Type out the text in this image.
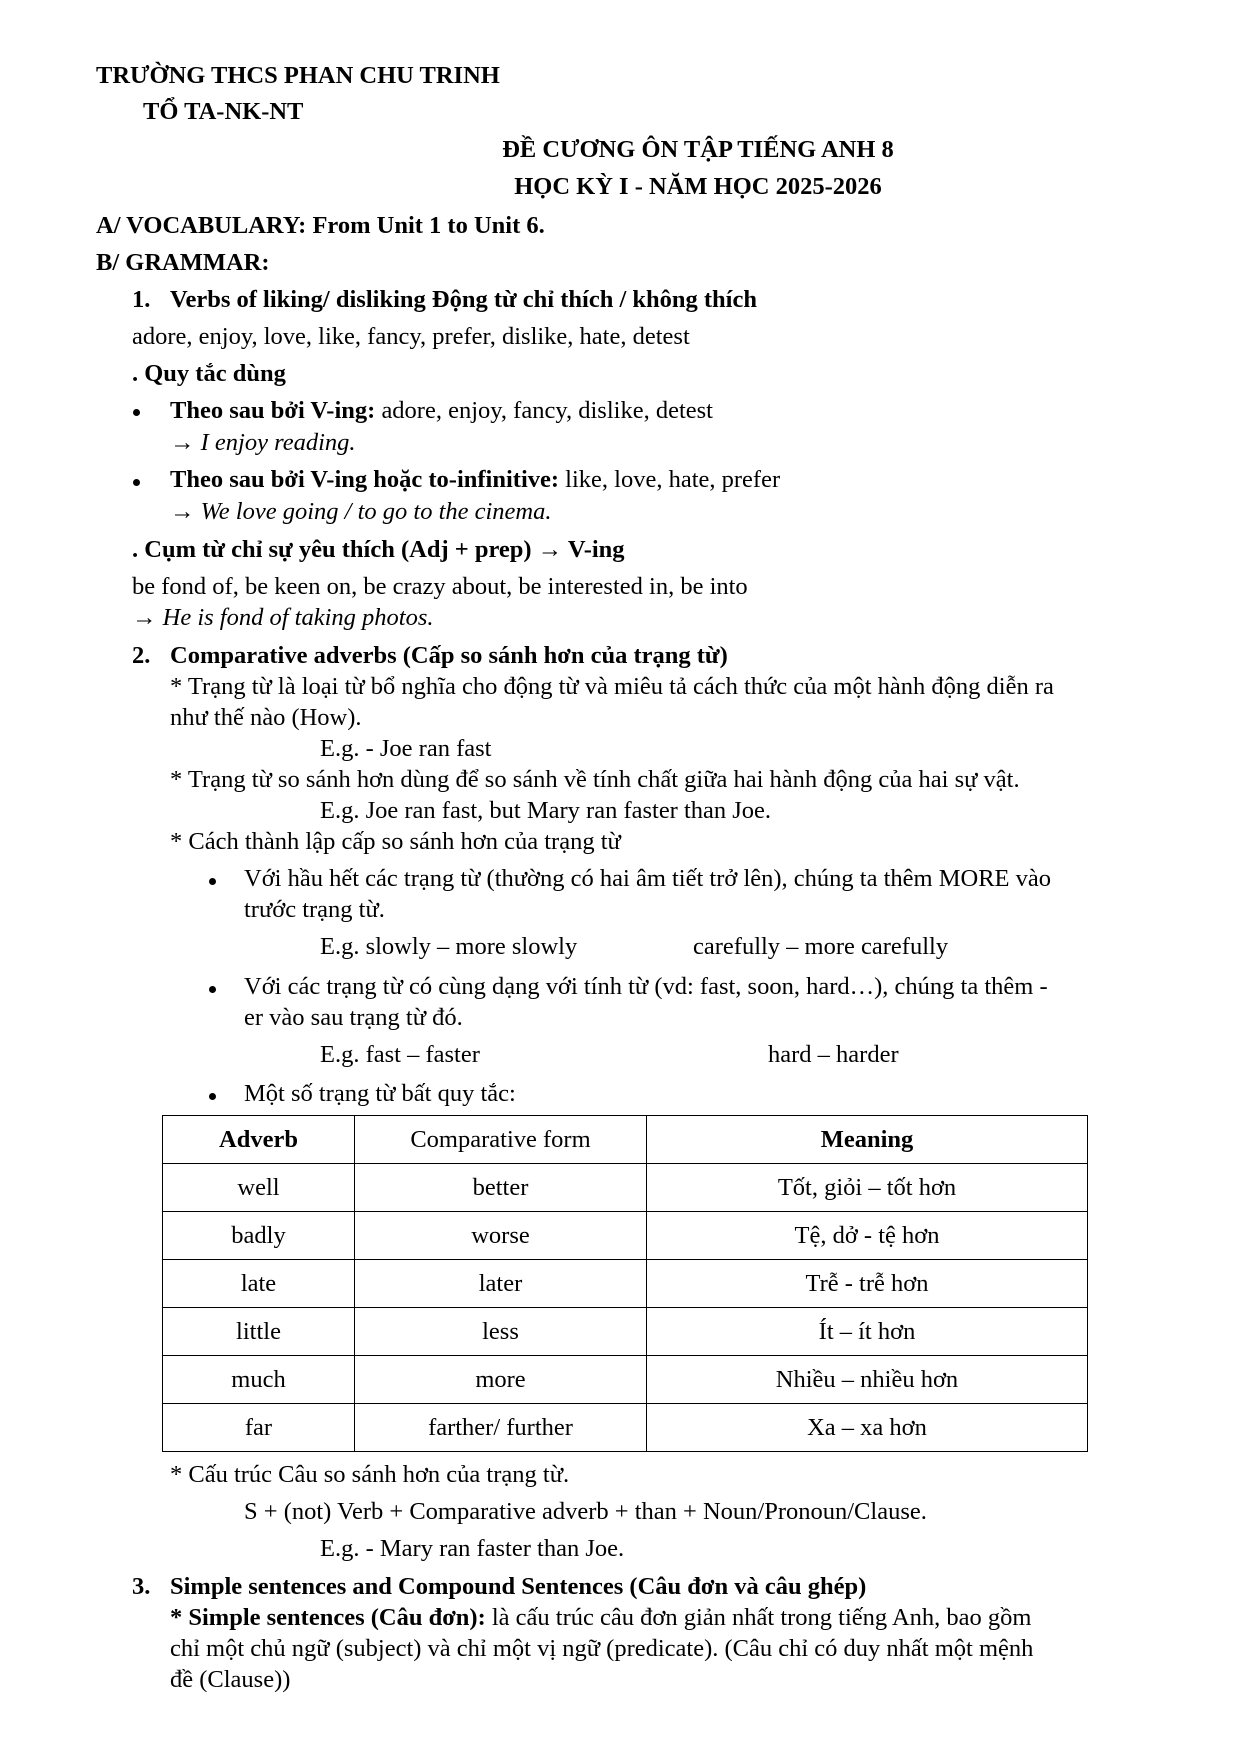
TRƯỜNG THCS PHAN CHU TRINH
TỔ TA-NK-NT
ĐỀ CƯƠNG ÔN TẬP TIẾNG ANH 8
HỌC KỲ I - NĂM HỌC 2025-2026
A/ VOCABULARY: From Unit 1 to Unit 6.
B/ GRAMMAR:
1. Verbs of liking/ disliking Động từ chỉ thích / không thích
adore, enjoy, love, like, fancy, prefer, dislike, hate, detest
. Quy tắc dùng
Theo sau bởi V-ing: adore, enjoy, fancy, dislike, detest
→ I enjoy reading.
Theo sau bởi V-ing hoặc to-infinitive: like, love, hate, prefer
→ We love going / to go to the cinema.
. Cụm từ chỉ sự yêu thích (Adj + prep) → V-ing
be fond of, be keen on, be crazy about, be interested in, be into
→ He is fond of taking photos.
2. Comparative adverbs (Cấp so sánh hơn của trạng từ)
* Trạng từ là loại từ bổ nghĩa cho động từ và miêu tả cách thức của một hành động diễn ra
như thế nào (How).
E.g. - Joe ran fast
* Trạng từ so sánh hơn dùng để so sánh về tính chất giữa hai hành động của hai sự vật.
E.g. Joe ran fast, but Mary ran faster than Joe.
* Cách thành lập cấp so sánh hơn của trạng từ
Với hầu hết các trạng từ (thường có hai âm tiết trở lên), chúng ta thêm MORE vào
trước trạng từ.
E.g. slowly – more slowly	carefully – more carefully
Với các trạng từ có cùng dạng với tính từ (vd: fast, soon, hard…), chúng ta thêm -
er vào sau trạng từ đó.
E.g. fast – faster	hard – harder
Một số trạng từ bất quy tắc:
Adverb	Comparative form	Meaning
well	better	Tốt, giỏi – tốt hơn
badly	worse	Tệ, dở - tệ hơn
late	later	Trễ - trễ hơn
little	less	Ít – ít hơn
much	more	Nhiều – nhiều hơn
far	farther/ further	Xa – xa hơn
* Cấu trúc Câu so sánh hơn của trạng từ.
S + (not) Verb + Comparative adverb + than + Noun/Pronoun/Clause.
E.g. - Mary ran faster than Joe.
3. Simple sentences and Compound Sentences (Câu đơn và câu ghép)
* Simple sentences (Câu đơn): là cấu trúc câu đơn giản nhất trong tiếng Anh, bao gồm
chỉ một chủ ngữ (subject) và chỉ một vị ngữ (predicate). (Câu chỉ có duy nhất một mệnh
đề (Clause))
